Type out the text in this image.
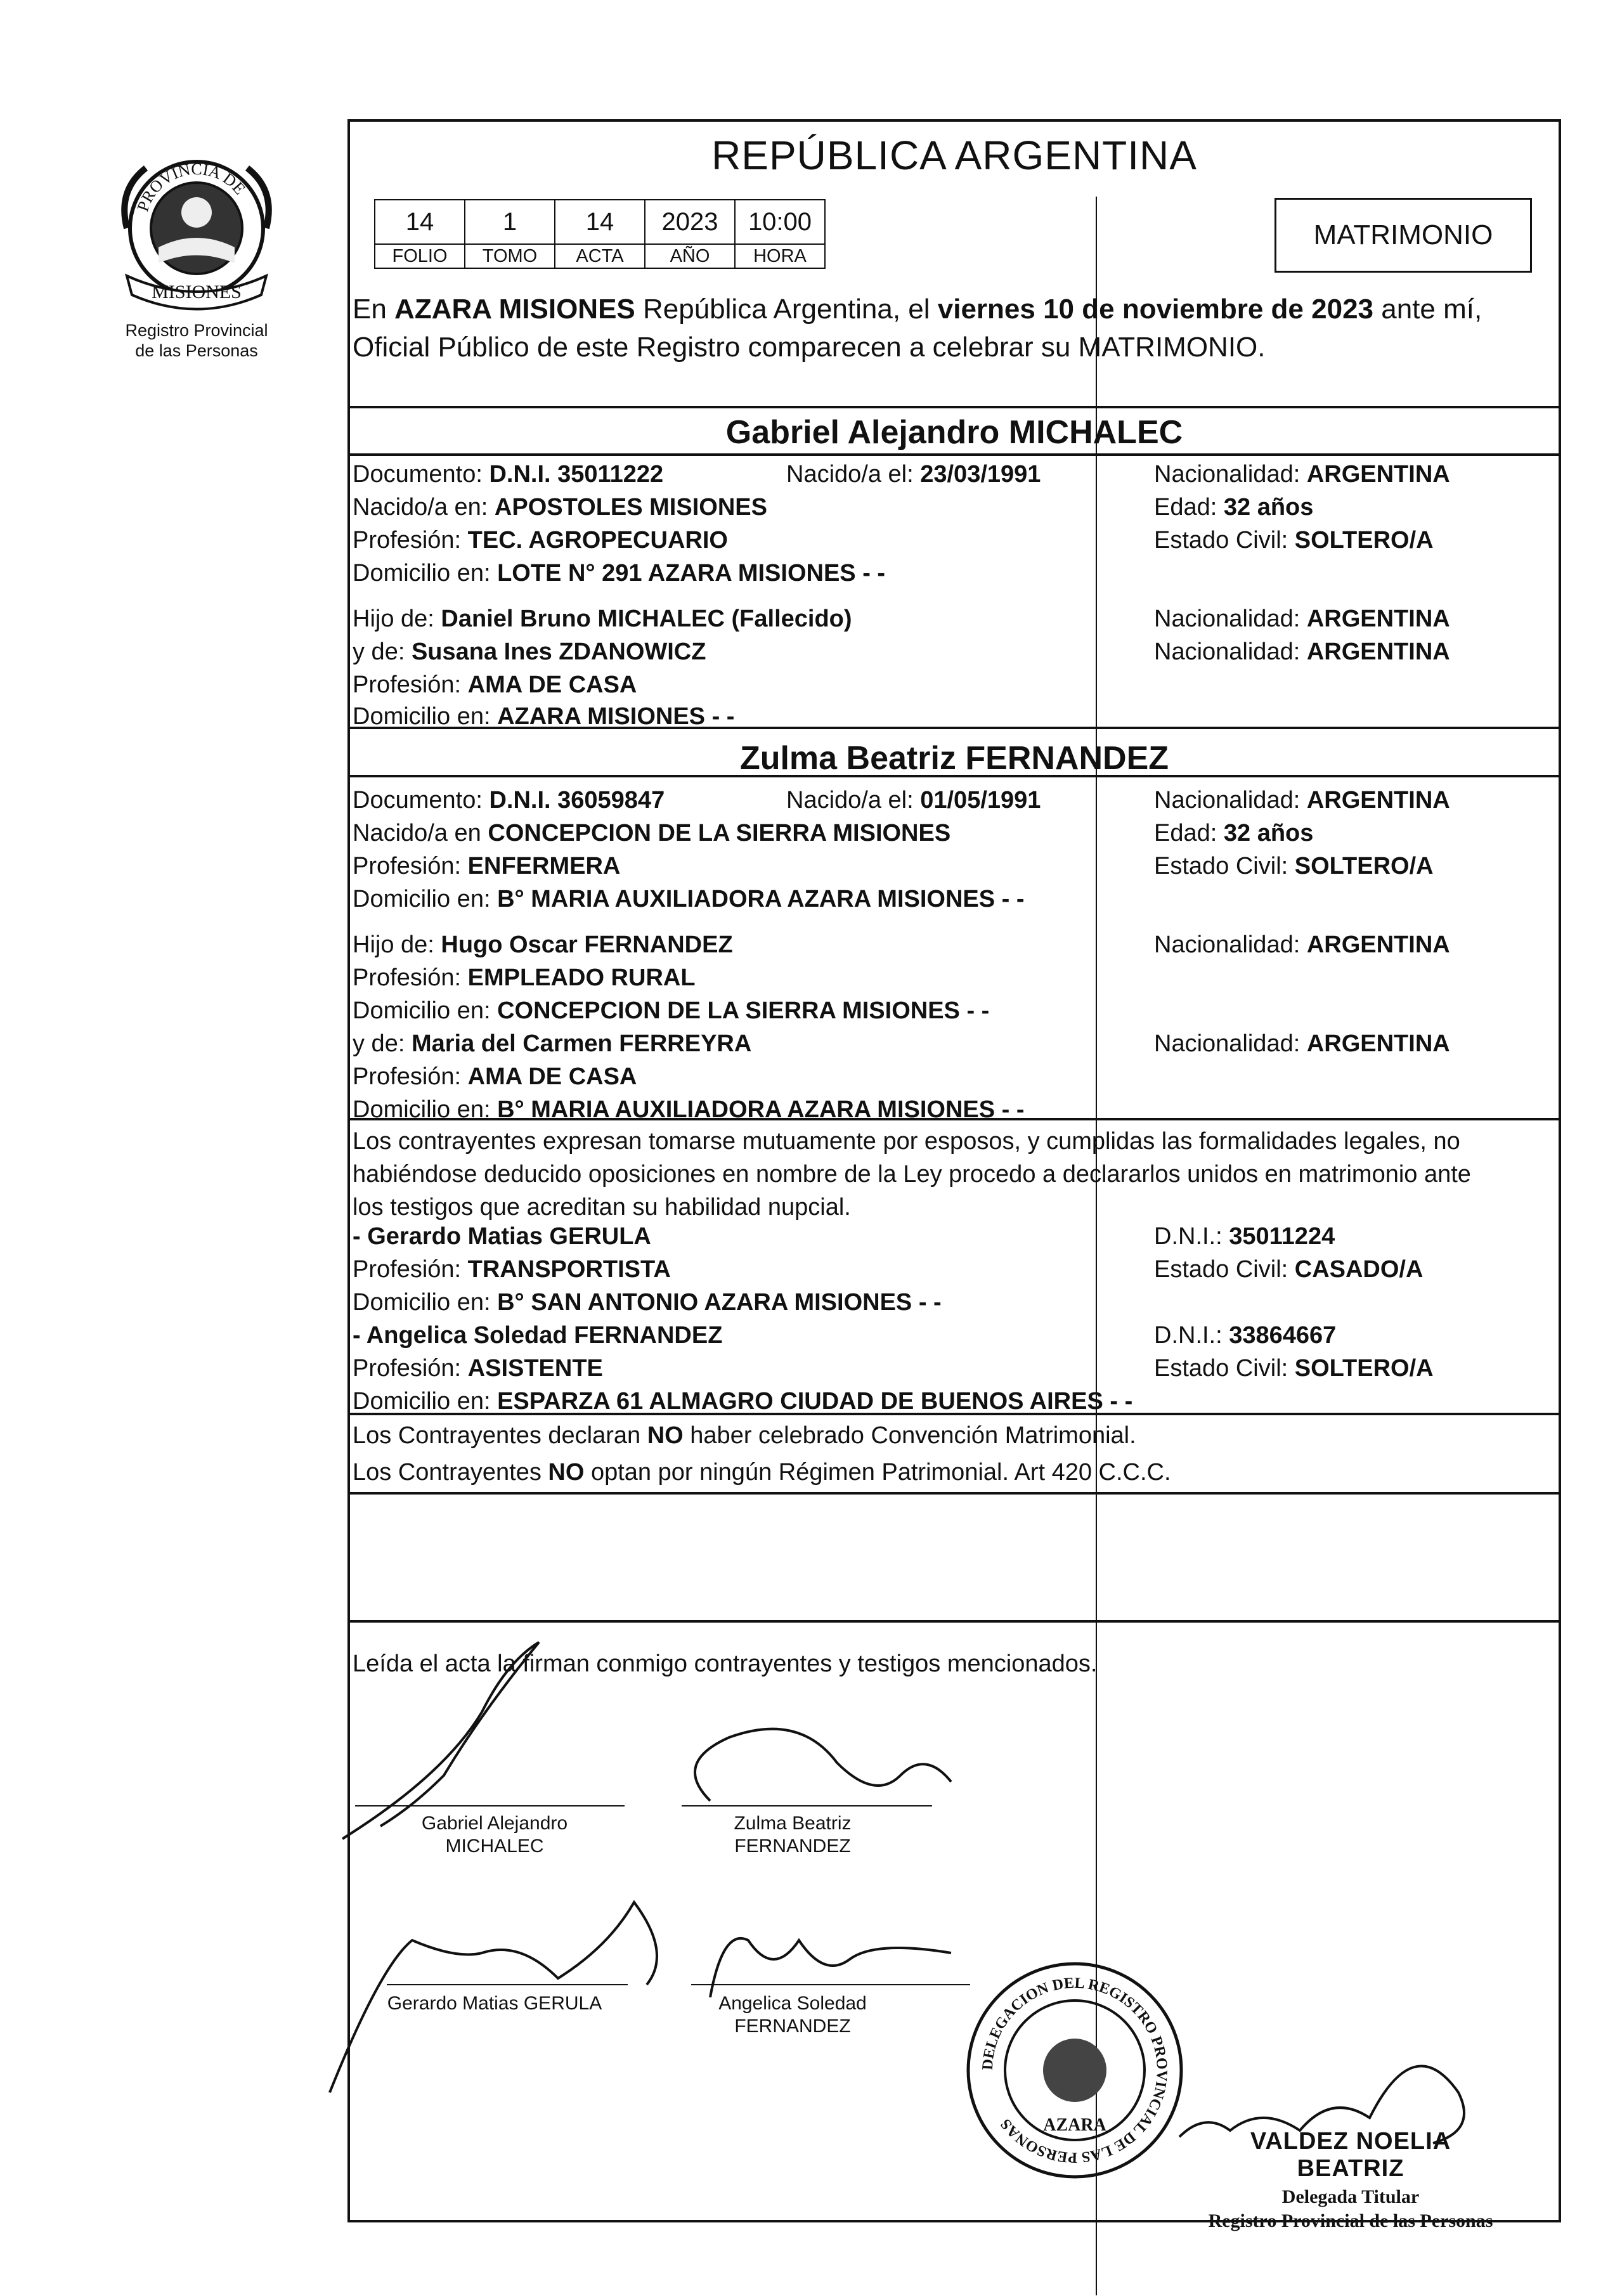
PROVINCIA DE
MISIONES
Registro Provincial
de las Personas
REPÚBLICA ARGENTINA
14	1	14	2023	10:00
FOLIO	TOMO	ACTA	AÑO	HORA
MATRIMONIO
En AZARA MISIONES República Argentina, el viernes 10 de noviembre de 2023 ante mí,
Oficial Público de este Registro comparecen a celebrar su MATRIMONIO.
Gabriel Alejandro MICHALEC
Documento: D.N.I. 35011222	Nacido/a el: 23/03/1991	Nacionalidad: ARGENTINA
Nacido/a en: APOSTOLES MISIONES	Edad: 32 años
Profesión: TEC. AGROPECUARIO	Estado Civil: SOLTERO/A
Domicilio en: LOTE N° 291 AZARA MISIONES - -
Hijo de: Daniel Bruno MICHALEC (Fallecido)	Nacionalidad: ARGENTINA
y de: Susana Ines ZDANOWICZ	Nacionalidad: ARGENTINA
Profesión: AMA DE CASA
Domicilio en: AZARA MISIONES - -
Zulma Beatriz FERNANDEZ
Documento: D.N.I. 36059847	Nacido/a el: 01/05/1991	Nacionalidad: ARGENTINA
Nacido/a en CONCEPCION DE LA SIERRA MISIONES	Edad: 32 años
Profesión: ENFERMERA	Estado Civil: SOLTERO/A
Domicilio en: B° MARIA AUXILIADORA AZARA MISIONES - -
Hijo de: Hugo Oscar FERNANDEZ	Nacionalidad: ARGENTINA
Profesión: EMPLEADO RURAL
Domicilio en: CONCEPCION DE LA SIERRA MISIONES - -
y de: Maria del Carmen FERREYRA	Nacionalidad: ARGENTINA
Profesión: AMA DE CASA
Domicilio en: B° MARIA AUXILIADORA AZARA MISIONES - -
Los contrayentes expresan tomarse mutuamente por esposos, y cumplidas las formalidades legales, no
habiéndose deducido oposiciones en nombre de la Ley procedo a declararlos unidos en matrimonio ante
los testigos que acreditan su habilidad nupcial.
- Gerardo Matias GERULA	D.N.I.: 35011224
Profesión: TRANSPORTISTA	Estado Civil: CASADO/A
Domicilio en: B° SAN ANTONIO AZARA MISIONES - -
- Angelica Soledad FERNANDEZ	D.N.I.: 33864667
Profesión: ASISTENTE	Estado Civil: SOLTERO/A
Domicilio en: ESPARZA 61 ALMAGRO CIUDAD DE BUENOS AIRES - -
Los Contrayentes declaran NO haber celebrado Convención Matrimonial.
Los Contrayentes NO optan por ningún Régimen Patrimonial. Art 420 C.C.C.
Leída el acta la firman conmigo contrayentes y testigos mencionados.
Gabriel Alejandro
MICHALEC
Zulma Beatriz
FERNANDEZ
Gerardo Matias GERULA	Angelica Soledad
FERNANDEZ
DELEGACION DEL REGISTRO PROVINCIAL DE LAS PERSONAS	AZARA
VALDEZ NOELIA BEATRIZ
Delegada Titular
Registro Provincial de las Personas
